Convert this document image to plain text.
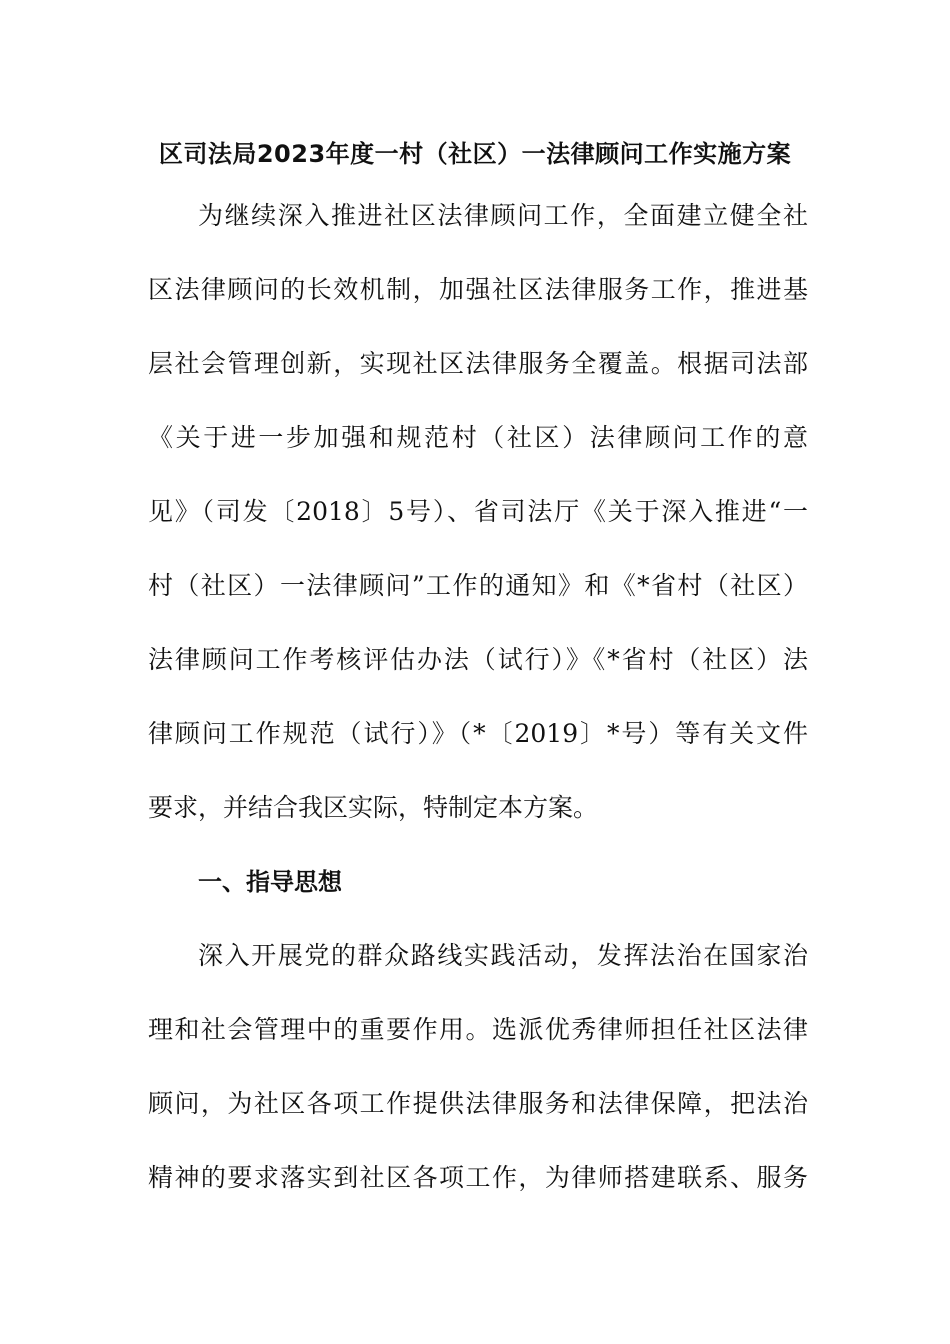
区司法局2023年度一村（社区）一法律顾问工作实施方案
为继续深入推进社区法律顾问工作，全面建立健全社
区法律顾问的长效机制，加强社区法律服务工作，推进基
层社会管理创新，实现社区法律服务全覆盖。根据司法部
《关于进一步加强和规范村（社区）法律顾问工作的意
见》（司发〔2018〕5号）、省司法厅《关于深入推进“一
村（社区）一法律顾问”工作的通知》和《*省村（社区）
法律顾问工作考核评估办法（试行）》《*省村（社区）法
律顾问工作规范（试行）》（*〔2019〕*号）等有关文件
要求，并结合我区实际，特制定本方案。
一、指导思想
深入开展党的群众路线实践活动，发挥法治在国家治
理和社会管理中的重要作用。选派优秀律师担任社区法律
顾问，为社区各项工作提供法律服务和法律保障，把法治
精神的要求落实到社区各项工作，为律师搭建联系、服务
